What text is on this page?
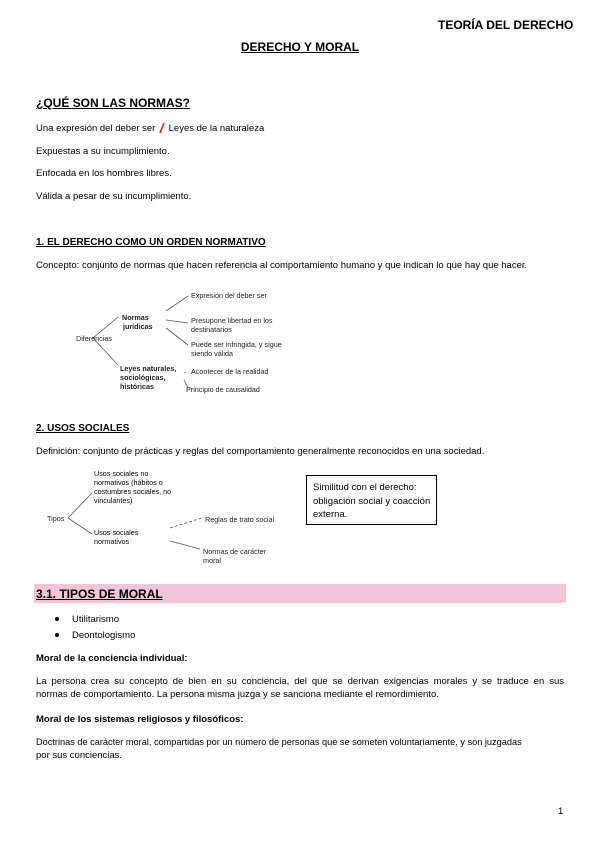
TEORÍA DEL DERECHO
DERECHO Y MORAL
¿QUÉ SON LAS NORMAS?
Una expresión del deber ser Leyes de la naturaleza
Expuestas a su incumplimiento.
Enfocada en los hombres libres.
Válida a pesar de su incumplimiento.
1. EL DERECHO COMO UN ORDEN NORMATIVO
Concepto: conjunto de normas que hacen referencia al comportamiento humano y que indican lo que hay que hacer.
Diferencias
Normas
jurídicas
Leyes naturales,
sociológicas,
históricas
Expresión del deber ser
Presupone libertad en los
destinatarios
Puede ser infringida, y sigue
siendo válida
Acontecer de la realidad
Principio de causalidad
2. USOS SOCIALES
Definición: conjunto de prácticas y reglas del comportamiento generalmente reconocidos en una sociedad.
Tipos
Usos sociales no
normativos (hábitos o
costumbres sociales, no
vinculantes)
Usos sociales
normativos
Reglas de trato social
Normas de carácter
moral
Similitud con el derecho:
obligación social y coacción
externa.
3.1. TIPOS DE MORAL
Utilitarismo
Deontologismo
Moral de la conciencia individual:
La persona crea su concepto de bien en su conciencia, del que se derivan exigencias morales y se traduce en sus
normas de comportamiento. La persona misma juzga y se sanciona mediante el remordimiento.
Moral de los sistemas religiosos y filosóficos:
Doctrinas de carácter moral, compartidas por un número de personas que se someten voluntariamente, y son juzgadas
por sus conciencias.
1
